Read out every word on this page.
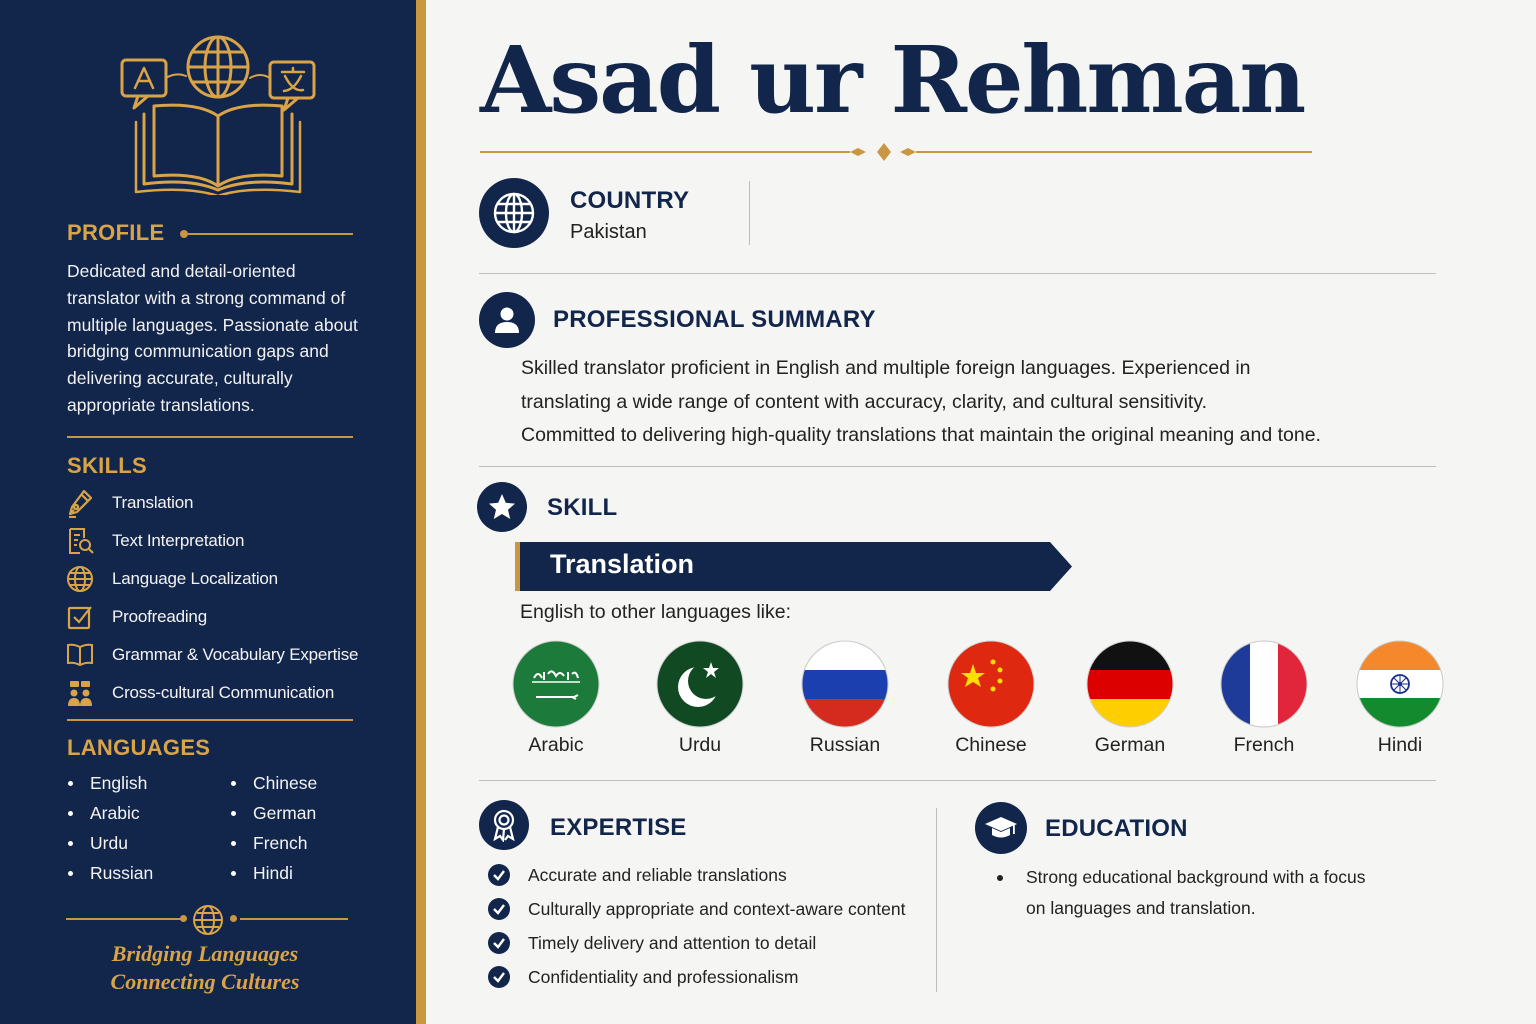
PROFILE
Dedicated and detail-oriented translator with a strong command of multiple languages. Passionate about bridging communication gaps and delivering accurate, culturally appropriate translations.
SKILLS
Translation
Text Interpretation
Language Localization
Proofreading
Grammar & Vocabulary Expertise
Cross-cultural Communication
LANGUAGES
English
Arabic
Urdu
Russian
Chinese
German
French
Hindi
Bridging Languages
Connecting Cultures
Asad ur Rehman
COUNTRY
Pakistan
PROFESSIONAL SUMMARY
Skilled translator proficient in English and multiple foreign languages. Experienced in
translating a wide range of content with accuracy, clarity, and cultural sensitivity.
Committed to delivering high-quality translations that maintain the original meaning and tone.
SKILL
Translation
English to other languages like:
Arabic	Urdu	Russian	Chinese	German	French	Hindi
EXPERTISE
Accurate and reliable translations
Culturally appropriate and context-aware content
Timely delivery and attention to detail
Confidentiality and professionalism
EDUCATION
Strong educational background with a focus
on languages and translation.
